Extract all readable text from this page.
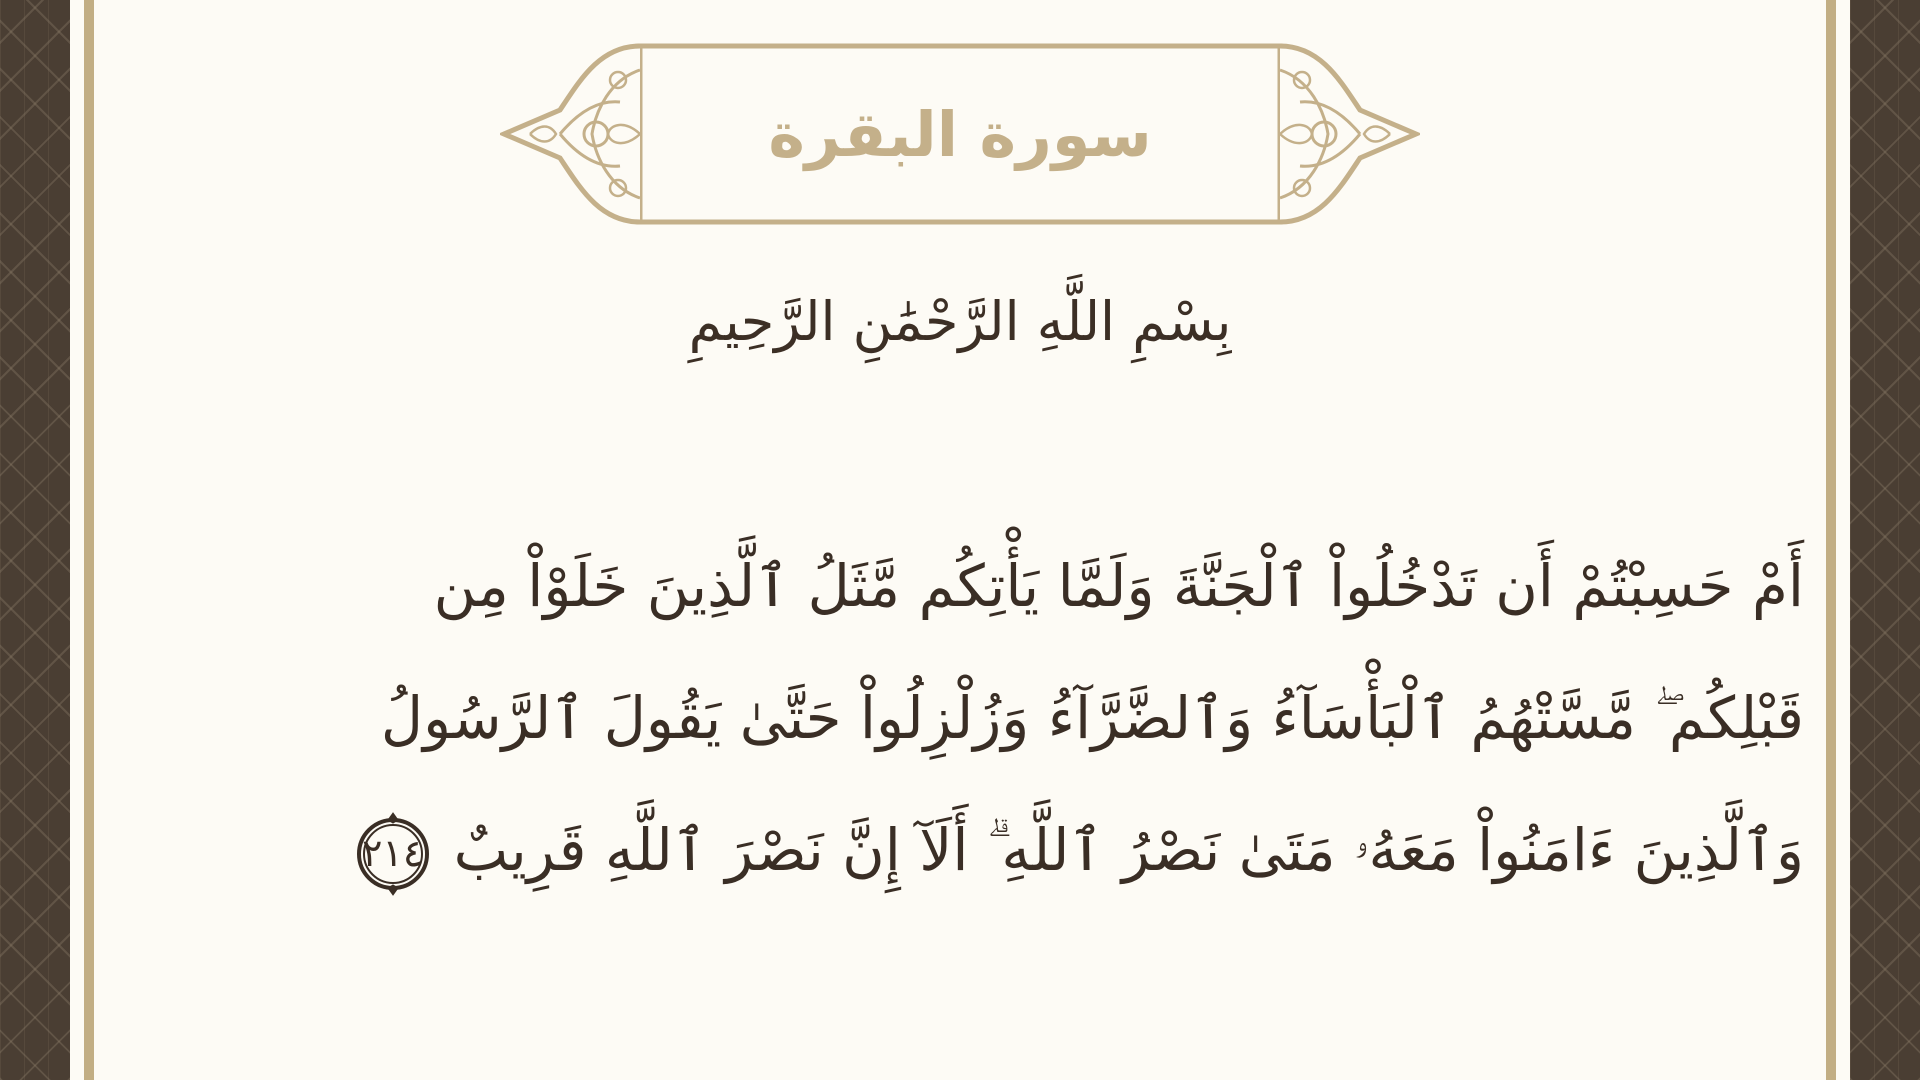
سورة البقرة
بِسْمِ اللَّهِ الرَّحْمَٰنِ الرَّحِيمِ
أَمْ حَسِبْتُمْ أَن تَدْخُلُواْ ٱلْجَنَّةَ وَلَمَّا يَأْتِكُم مَّثَلُ ٱلَّذِينَ خَلَوْاْ مِن
قَبْلِكُم ۖ مَّسَّتْهُمُ ٱلْبَأْسَآءُ وَٱلضَّرَّآءُ وَزُلْزِلُواْ حَتَّىٰ يَقُولَ ٱلرَّسُولُ
وَٱلَّذِينَ ءَامَنُواْ مَعَهُۥ مَتَىٰ نَصْرُ ٱللَّهِ ۗ أَلَآ إِنَّ نَصْرَ ٱللَّهِ قَرِيبٌ
٢١٤
